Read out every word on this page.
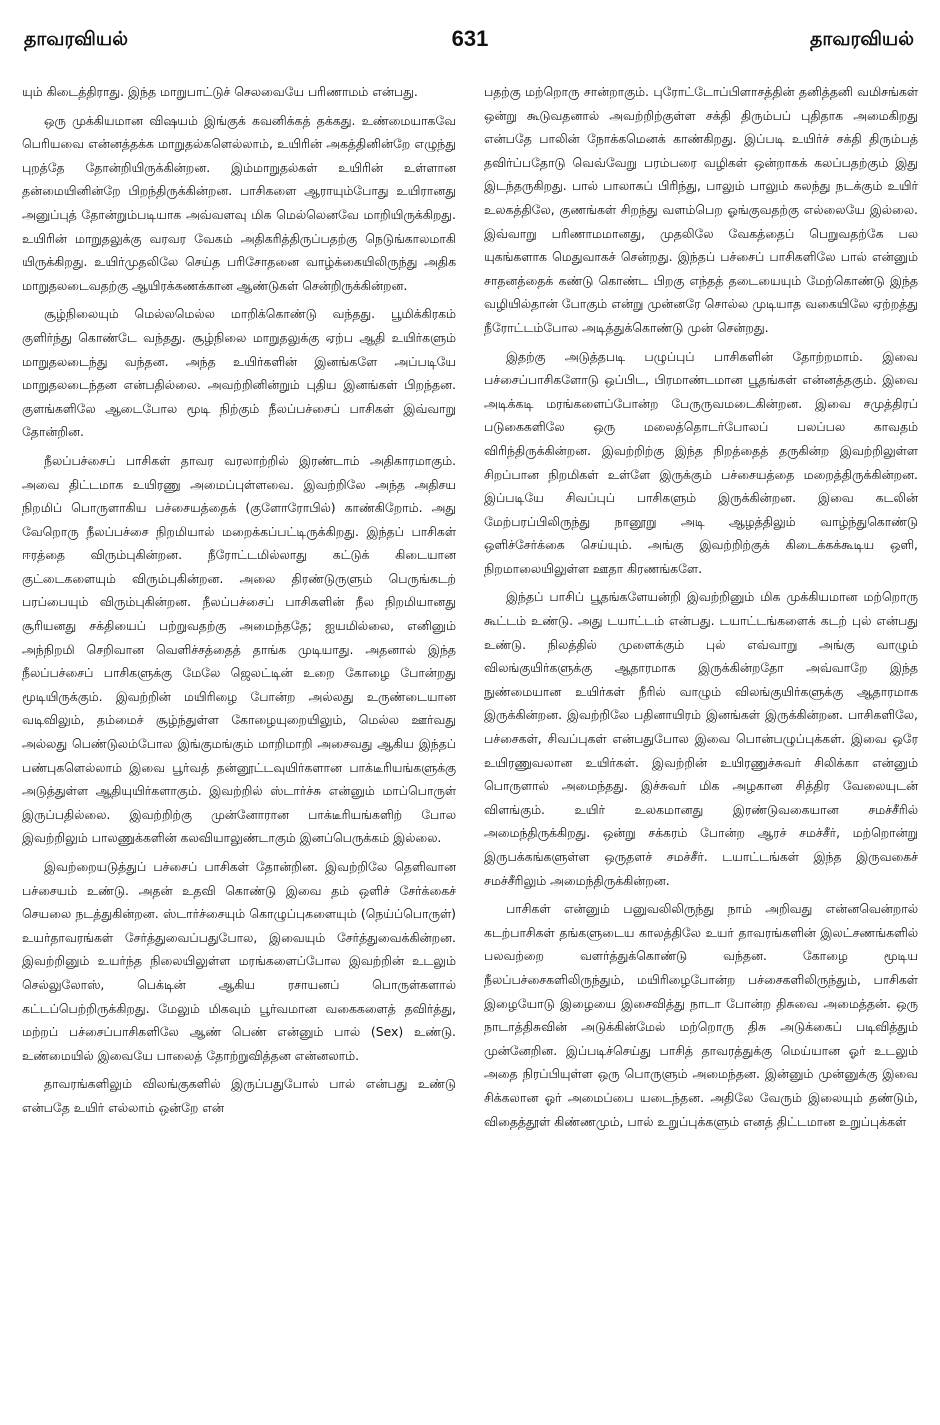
தாவரவியல்	631	தாவரவியல்

யும் கிடைத்திராது. இந்த மாறுபாட்டுச் செலவையே பரிணாமம் என்பது.

ஒரு முக்கியமான விஷயம் இங்குக் கவனிக்கத் தக்கது. உண்மையாகவே பெரியவை என்னத்தக்க மாறுதல்களெல்லாம், உயிரின் அகத்தினின்றே எழுந்து புறத்தே தோன்றியிருக்கின்றன. இம்மாறுதல்கள் உயிரின் உள்ளான தன்மையினின்றே பிறந்திருக்கின்றன. பாசிகளை ஆராயும்போது உயிரானது அனுப்புத் தோன்றும்படியாக அவ்வளவு மிக மெல்லெனவே மாறியிருக்கிறது. உயிரின் மாறுதலுக்கு வரவர வேகம் அதிகரித்திருப்பதற்கு நெடுங்காலமாகி யிருக்கிறது. உயிர்முதலிலே செய்த பரிசோதனை வாழ்க்கையிலிருந்து அதிக மாறுதலடைவதற்கு ஆயிரக்கணக்கான ஆண்டுகள் சென்றிருக்கின்றன.

சூழ்நிலையும் மெல்லமெல்ல மாறிக்கொண்டு வந்தது. பூமிக்கிரகம் குளிர்ந்து கொண்டே வந்தது. சூழ்நிலை மாறுதலுக்கு ஏற்ப ஆதி உயிர்களும் மாறுதலடைந்து வந்தன. அந்த உயிர்களின் இனங்களே அப்படியே மாறுதலடைந்தன என்பதில்லை. அவற்றினின்றும் புதிய இனங்கள் பிறந்தன. குளங்களிலே ஆடைபோல மூடி நிற்கும் நீலப்பச்சைப் பாசிகள் இவ்வாறு தோன்றின.

நீலப்பச்சைப் பாசிகள் தாவர வரலாற்றில் இரண்டாம் அதிகாரமாகும். அவை திட்டமாக உயிரணு அமைப்புள்ளவை. இவற்றிலே அந்த அதிசய நிறமிப் பொருளாகிய பச்சையத்தைக் (குளோரோபில்) காண்கிறோம். அது வேறொரு நீலப்பச்சை நிறமியால் மறைக்கப்பட்டிருக்கிறது. இந்தப் பாசிகள் ஈரத்தை விரும்புகின்றன. நீரோட்டமில்லாது கட்டுக் கிடையான குட்டைகளையும் விரும்புகின்றன. அலை திரண்டுருளும் பெருங்கடற் பரப்பையும் விரும்புகின்றன. நீலப்பச்சைப் பாசிகளின் நீல நிறமியானது சூரியனது சக்தியைப் பற்றுவதற்கு அமைந்ததே; ஐயமில்லை, எனினும் அந்நிறமி செறிவான வெளிச்சத்தைத் தாங்க முடியாது. அதனால் இந்த நீலப்பச்சைப் பாசிகளுக்கு மேலே ஜெலட்டின் உறை கோழை போன்றது மூடியிருக்கும். இவற்றின் மயிரிழை போன்ற அல்லது உருண்டையான வடிவிலும், தம்மைச் சூழ்ந்துள்ள கோழையுறையிலும், மெல்ல ஊர்வது அல்லது பெண்டுலம்போல இங்குமங்கும் மாறிமாறி அசைவது ஆகிய இந்தப் பண்புகளெல்லாம் இவை பூர்வத் தன்னூட்டவுயிர்களான பாக்டீரியங்களுக்கு அடுத்துள்ள ஆதியுயிர்களாகும். இவற்றில் ஸ்டார்ச்சு என்னும் மாப்பொருள் இருப்பதில்லை. இவற்றிற்கு முன்னோரான பாக்டீரியங்களிற் போல இவற்றிலும் பாலணுக்களின் கலவியாலுண்டாகும் இனப்பெருக்கம் இல்லை.

இவற்றையடுத்துப் பச்சைப் பாசிகள் தோன்றின. இவற்றிலே தெளிவான பச்சையம் உண்டு. அதன் உதவி கொண்டு இவை தம் ஒளிச் சேர்க்கைச் செயலை நடத்துகின்றன. ஸ்டார்ச்சையும் கொழுப்புகளையும் (நெய்ப்பொருள்) உயர்தாவரங்கள் சேர்த்துவைப்பதுபோல, இவையும் சேர்த்துவைக்கின்றன. இவற்றினும் உயர்ந்த நிலையிலுள்ள மரங்களைப்போல இவற்றின் உடலும் செல்லுலோஸ், பெக்டின் ஆகிய ரசாயனப் பொருள்களால் கட்டப்பெற்றிருக்கிறது. மேலும் மிகவும் பூர்வமான வகைகளைத் தவிர்த்து, மற்றப் பச்சைப்பாசிகளிலே ஆண் பெண் என்னும் பால் (Sex) உண்டு. உண்மையில் இவையே பாலைத் தோற்றுவித்தன என்னலாம்.

தாவரங்களிலும் விலங்குகளில் இருப்பதுபோல் பால் என்பது உண்டு என்பதே உயிர் எல்லாம் ஒன்றே என்

பதற்கு மற்றொரு சான்றாகும். புரோட்டோப்பிளாசத்தின் தனித்தனி வமிசங்கள் ஒன்று கூடுவதனால் அவற்றிற்குள்ள சக்தி திரும்பப் புதிதாக அமைகிறது என்பதே பாலின் நோக்கமெனக் காண்கிறது. இப்படி உயிர்ச் சக்தி திரும்பத் தவிர்ப்பதோடு வெவ்வேறு பரம்பரை வழிகள் ஒன்றாகக் கலப்பதற்கும் இது இடந்தருகிறது. பால் பாலாகப் பிரிந்து, பாலும் பாலும் கலந்து நடக்கும் உயிர் உலகத்திலே, குணங்கள் சிறந்து வளம்பெற ஓங்குவதற்கு எல்லையே இல்லை. இவ்வாறு பரிணாமமானது, முதலிலே வேகத்தைப் பெறுவதற்கே பல யுகங்களாக மெதுவாகச் சென்றது. இந்தப் பச்சைப் பாசிகளிலே பால் என்னும் சாதனத்தைக் கண்டு கொண்ட பிறகு எந்தத் தடையையும் மேற்கொண்டு இந்த வழியில்தான் போகும் என்று முன்னரே சொல்ல முடியாத வகையிலே ஏற்றத்து நீரோட்டம்போல அடித்துக்கொண்டு முன் சென்றது.

இதற்கு அடுத்தபடி பழுப்புப் பாசிகளின் தோற்றமாம். இவை பச்சைப்பாசிகளோடு ஒப்பிட, பிரமாண்டமான பூதங்கள் என்னத்தகும். இவை அடிக்கடி மரங்களைப்போன்ற பேருருவமடைகின்றன. இவை சமுத்திரப் படுகைகளிலே ஒரு மலைத்தொடர்போலப் பலப்பல காவதம் விரிந்திருக்கின்றன. இவற்றிற்கு இந்த நிறத்தைத் தருகின்ற இவற்றிலுள்ள சிறப்பான நிறமிகள் உள்ளே இருக்கும் பச்சையத்தை மறைத்திருக்கின்றன. இப்படியே சிவப்புப் பாசிகளும் இருக்கின்றன. இவை கடலின் மேற்பரப்பிலிருந்து நானூறு அடி ஆழத்திலும் வாழ்ந்துகொண்டு ஒளிச்சேர்க்கை செய்யும். அங்கு இவற்றிற்குக் கிடைக்கக்கூடிய ஒளி, நிறமாலையிலுள்ள ஊதா கிரணங்களே.

இந்தப் பாசிப் பூதங்களேயன்றி இவற்றினும் மிக முக்கியமான மற்றொரு கூட்டம் உண்டு. அது டயாட்டம் என்பது. டயாட்டங்களைக் கடற் புல் என்பது உண்டு. நிலத்தில் முளைக்கும் புல் எவ்வாறு அங்கு வாழும் விலங்குயிர்களுக்கு ஆதாரமாக இருக்கின்றதோ அவ்வாறே இந்த நுண்மையான உயிர்கள் நீரில் வாழும் விலங்குயிர்களுக்கு ஆதாரமாக இருக்கின்றன. இவற்றிலே பதினாயிரம் இனங்கள் இருக்கின்றன. பாசிகளிலே, பச்சைகள், சிவப்புகள் என்பதுபோல இவை பொன்பழுப்புக்கள். இவை ஒரே உயிரணுவலான உயிர்கள். இவற்றின் உயிரணுச்சுவர் சிலிக்கா என்னும் பொருளால் அமைந்தது. இச்சுவர் மிக அழகான சித்திர வேலையுடன் விளங்கும். உயிர் உலகமானது இரண்டுவகையான சமச்சீரில் அமைந்திருக்கிறது. ஒன்று சக்கரம் போன்ற ஆரச் சமச்சீர், மற்றொன்று இருபக்கங்களுள்ள ஒருதளச் சமச்சீர். டயாட்டங்கள் இந்த இருவகைச் சமச்சீரிலும் அமைந்திருக்கின்றன.

பாசிகள் என்னும் பனுவலிலிருந்து நாம் அறிவது என்னவென்றால் கடற்பாசிகள் தங்களுடைய காலத்திலே உயர் தாவரங்களின் இலட்சணங்களில் பலவற்றை வளர்த்துக்கொண்டு வந்தன. கோழை மூடிய நீலப்பச்சைகளிலிருந்தும், மயிரிழைபோன்ற பச்சைகளிலிருந்தும், பாசிகள் இழையோடு இழையை இசைவித்து நாடா போன்ற திசுவை அமைத்தன். ஒரு நாடாத்திசுவின் அடுக்கின்மேல் மற்றொரு திசு அடுக்கைப் படிவித்தும் முன்னேறின. இப்படிச்செய்து பாசித் தாவரத்துக்கு மெய்யான ஓர் உடலும் அதை நிரப்பியுள்ள ஒரு பொருளும் அமைந்தன. இன்னும் முன்னுக்கு இவை சிக்கலான ஓர் அமைப்பை யடைந்தன. அதிலே வேரும் இலையும் தண்டும், விதைத்தூள் கிண்ணமும், பால் உறுப்புக்களும் எனத் திட்டமான உறுப்புக்கள்
